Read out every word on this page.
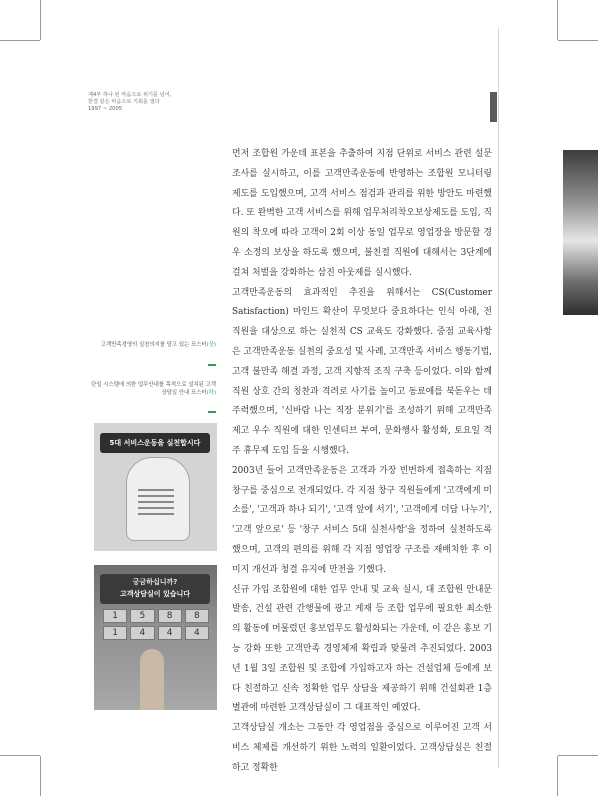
제4부 하나 된 마음으로 위기를 넘어,
한결 같은 마음으로 기회를 열다
1997 ~ 2005
고객만족경영의 실천의지를 담고 있는 포스터(상)
단일 시스템에 의한 업무안내를 목적으로 설치된 고객상담실 안내 포스터(하)
5대 서비스운동을 실천합시다
궁금하십니까?
고객상담실이 있습니다
1	5	8	8
1	4	4	4

먼저 조합원 가운데 표본을 추출하여 지점 단위로 서비스 관련 설문조사를 실시하고, 이를 고객만족운동에 반영하는 조합원 모니터링 제도를 도입했으며, 고객 서비스 점검과 관리를 위한 방안도 마련했다. 또 완벽한 고객 서비스를 위해 업무처리착오보상제도를 도입, 직원의 착오에 따라 고객이 2회 이상 동일 업무로 영업장을 방문할 경우 소정의 보상을 하도록 했으며, 불친절 직원에 대해서는 3단계에 걸쳐 처벌을 강화하는 삼진 아웃제를 실시했다.

고객만족운동의 효과적인 추진을 위해서는 CS(Customer Satisfaction) 마인드 확산이 무엇보다 중요하다는 인식 아래, 전 직원을 대상으로 하는 실천적 CS 교육도 강화했다. 중점 교육사항은 고객만족운동 실천의 중요성 및 사례, 고객만족 서비스 행동기법, 고객 불만족 해결 과정, 고객 지향적 조직 구축 등이었다. 이와 함께 직원 상호 간의 칭찬과 격려로 사기를 높이고 동료애를 북돋우는 데 주력했으며, '신바람 나는 직장 분위기'를 조성하기 위해 고객만족 제고 우수 직원에 대한 인센티브 부여, 문화행사 활성화, 토요일 격주 휴무제 도입 등을 시행했다.

2003년 들어 고객만족운동은 고객과 가장 빈번하게 접촉하는 지점 창구를 중심으로 전개되었다. 각 지점 창구 직원들에게 '고객에게 미소를', '고객과 하나 되기', '고객 앞에 서기', '고객에게 더담 나누기', '고객 앞으로' 등 '창구 서비스 5대 실천사항'을 정하여 실천하도록 했으며, 고객의 편의를 위해 각 지점 영업장 구조를 재배치한 후 이미지 개선과 청결 유지에 만전을 기했다.

신규 가입 조합원에 대한 업무 안내 및 교육 실시, 대 조합원 안내문 발송, 건설 관련 간행물에 광고 게재 등 조합 업무에 필요한 최소한의 활동에 머물렀던 홍보업무도 활성화되는 가운데, 이 같은 홍보 기능 강화 또한 고객만족 경영체제 확립과 맞물려 추진되었다. 2003년 1월 3일 조합원 및 조합에 가입하고자 하는 건설업체 등에게 보다 친절하고 신속 정확한 업무 상담을 제공하기 위해 건설회관 1층 별관에 마련한 고객상담실이 그 대표적인 예였다.

고객상담실 개소는 그동안 각 영업점을 중심으로 이루어진 고객 서비스 체제를 개선하기 위한 노력의 일환이었다. 고객상담실은 친절하고 정확한
